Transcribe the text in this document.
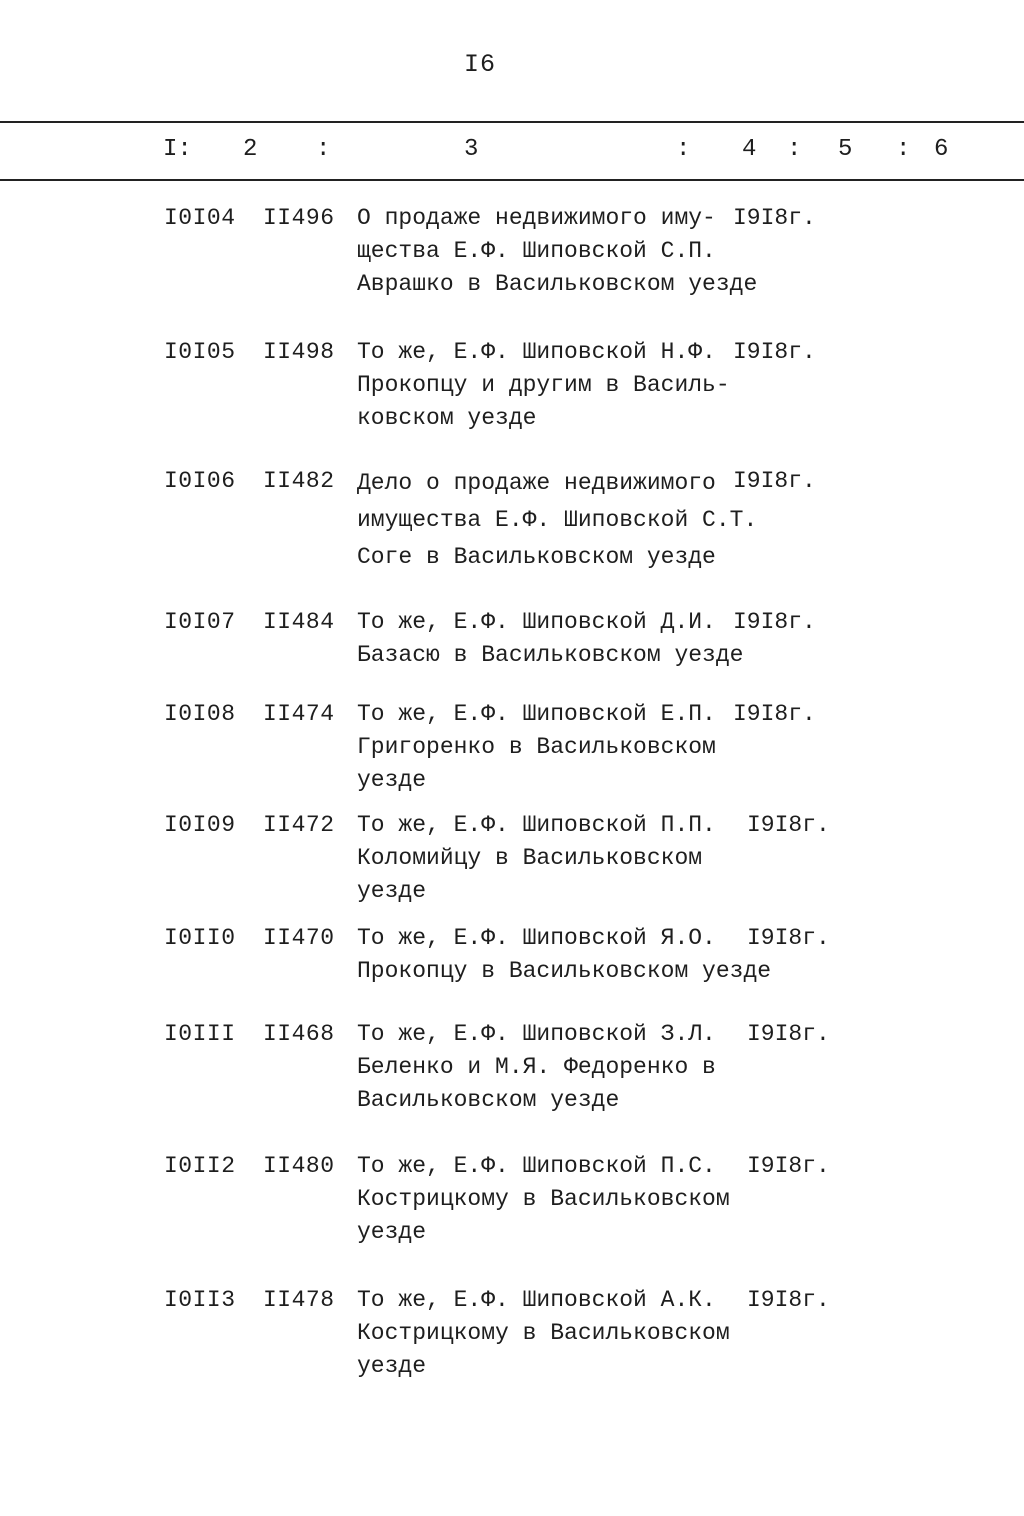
I6
I: 2 :	3	: 4 : 5 : 6
I0I04 II496 О продаже недвижимого иму-
щества Е.Ф. Шиповской С.П.
Аврашко в Васильковском уезде
I9I8г.
I0I05 II498 То же, Е.Ф. Шиповской Н.Ф.
Прокопцу и другим в Василь-
ковском уезде
I9I8г.
I0I06 II482 Дело о продаже недвижимого
имущества Е.Ф. Шиповской С.Т.
Соге в Васильковском уезде
I9I8г.
I0I07 II484 То же, Е.Ф. Шиповской Д.И.
Базасю в Васильковском уезде
I9I8г.
I0I08 II474 То же, Е.Ф. Шиповской Е.П.
Григоренко в Васильковском
уезде
I9I8г.
I0I09 II472 То же, Е.Ф. Шиповской П.П.
Коломийцу в Васильковском
уезде
I9I8г.
I0II0 II470 То же, Е.Ф. Шиповской Я.О.
Прокопцу в Васильковском уезде
I9I8г.
I0III II468 То же, Е.Ф. Шиповской З.Л.
Беленко и М.Я. Федоренко в
Васильковском уезде
I9I8г.
I0II2 II480 То же, Е.Ф. Шиповской П.С.
Кострицкому в Васильковском
уезде
I9I8г.
I0II3 II478 То же, Е.Ф. Шиповской А.К.
Кострицкому в Васильковском
уезде
I9I8г.
